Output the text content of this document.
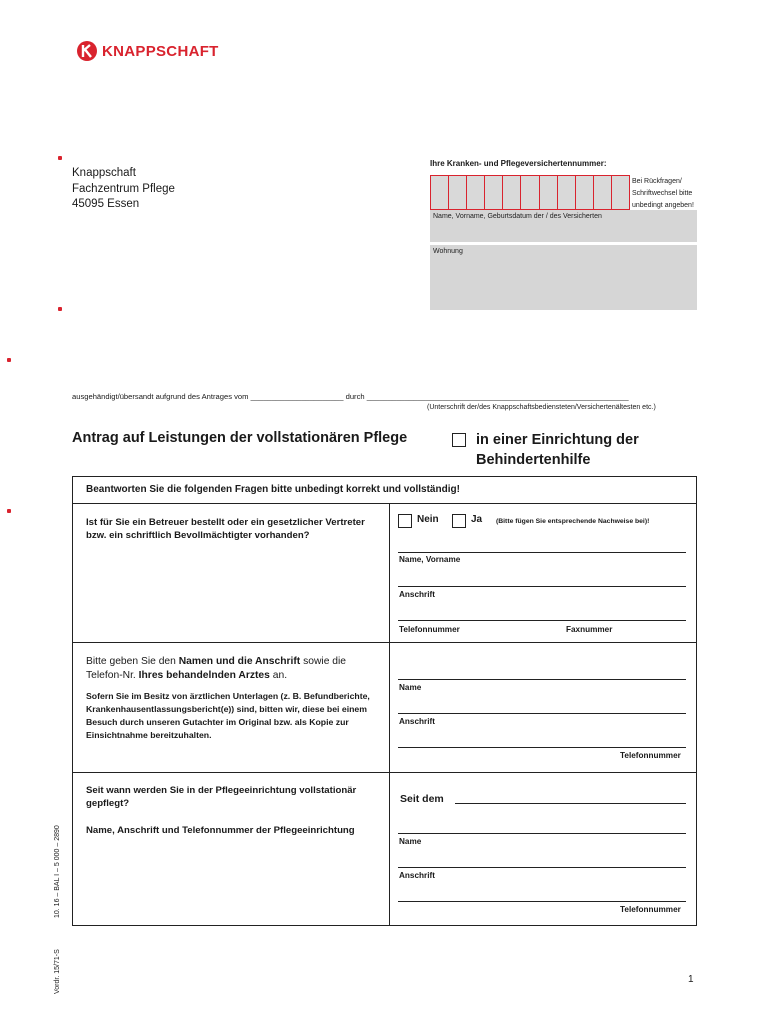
KNAPPSCHAFT
Knappschaft
Fachzentrum Pflege
45095 Essen
Ihre Kranken- und Pflegeversichertennummer:
Bei Rückfragen/
Schriftwechsel bitte
unbedingt angeben!
Name, Vorname, Geburtsdatum der / des Versicherten
Wohnung
ausgehändigt/übersandt aufgrund des Antrages vom ______________________ durch ______________________________________________________________
(Unterschrift der/des Knappschaftsbediensteten/Versichertenältesten etc.)
Antrag auf Leistungen der vollstationären Pflege	in einer Einrichtung der
Behindertenhilfe
Beantworten Sie die folgenden Fragen bitte unbedingt korrekt und vollständig!
Ist für Sie ein Betreuer bestellt oder ein gesetzlicher Vertreter bzw. ein schriftlich Bevollmächtigter vorhanden?
Nein	Ja (Bitte fügen Sie entsprechende Nachweise bei)!
Name, Vorname
Anschrift
Telefonnummer	Faxnummer
Bitte geben Sie den Namen und die Anschrift sowie die Telefon-Nr. Ihres behandelnden Arztes an.
Sofern Sie im Besitz von ärztlichen Unterlagen (z. B. Befundberichte, Krankenhausentlassungsbericht(e)) sind, bitten wir, diese bei einem Besuch durch unseren Gutachter im Original bzw. als Kopie zur Einsichtnahme bereitzuhalten.
Name
Anschrift
Telefonnummer
Seit wann werden Sie in der Pflegeeinrichtung vollstationär gepflegt?	Seit dem
Name, Anschrift und Telefonnummer der Pflegeeinrichtung
Name
Anschrift
Telefonnummer
10. 16 – BAL I – 5 000 – 2890
Vordr. 15/71-S	1
